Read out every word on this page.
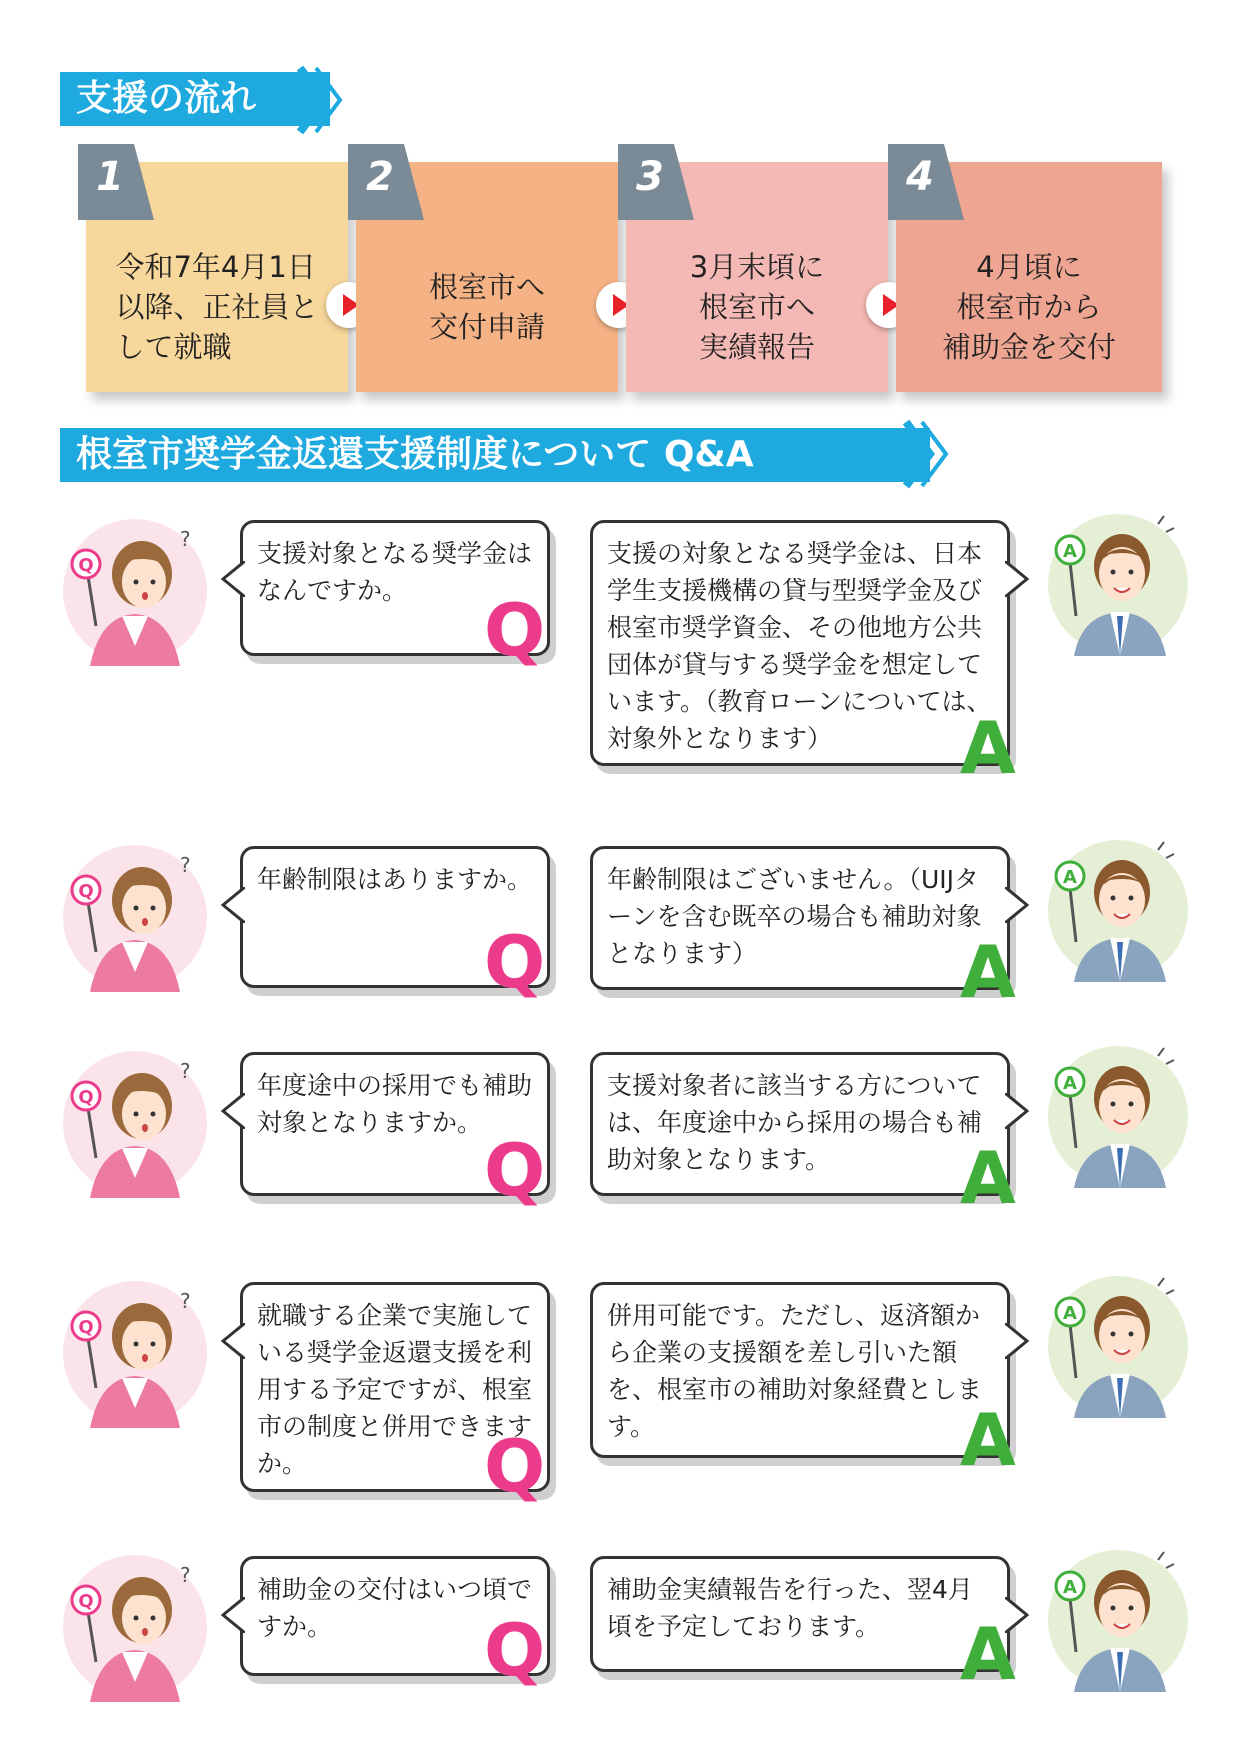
支援の流れ
1
令和7年4月1日
以降、正社員と
して就職
2
根室市へ
交付申請
3
3月末頃に
根室市へ
実績報告
4
4月頃に
根室市から
補助金を交付
根室市奨学金返還支援制度について Q&A
Q
?	支援対象となる奨学金はなんですか。	Q
支援の対象となる奨学金は、日本学生支援機構の貸与型奨学金及び根室市奨学資金、その他地方公共団体が貸与する奨学金を想定しています。（教育ローンについては、対象外となります）	A
A
Q
?	年齢制限はありますか。
Q
年齢制限はございません。（UIJターンを含む既卒の場合も補助対象となります）	A
A
Q
?	年度途中の採用でも補助対象となりますか。
Q
支援対象者に該当する方については、年度途中から採用の場合も補助対象となります。	A
A
Q
?	就職する企業で実施している奨学金返還支援を利用する予定ですが、根室市の制度と併用できますか。	Q
併用可能です。ただし、返済額から企業の支援額を差し引いた額を、根室市の補助対象経費とします。	A
A
Q
?	補助金の交付はいつ頃ですか。	Q
補助金実績報告を行った、翌4月頃を予定しております。	A
A
